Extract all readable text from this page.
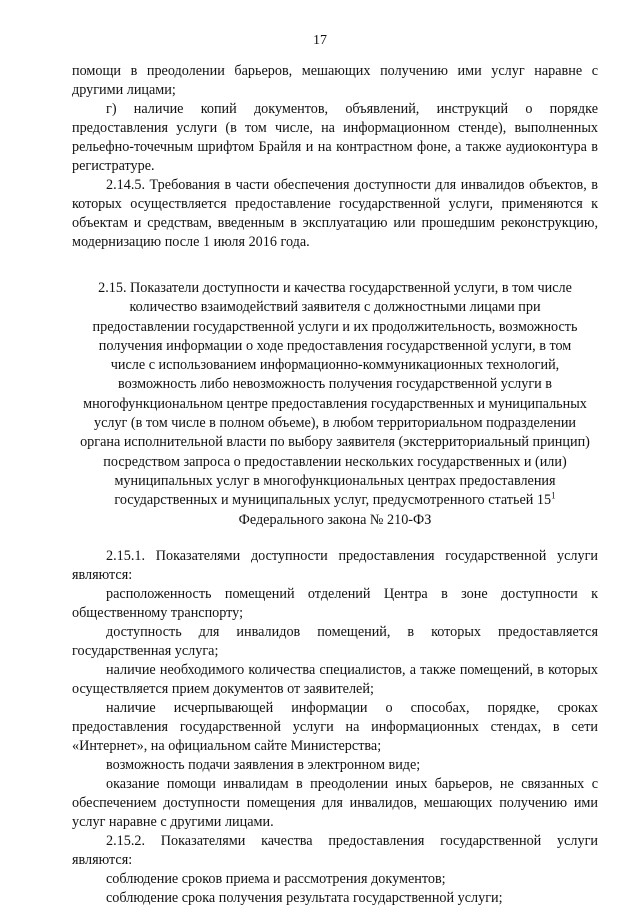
17

помощи в преодолении барьеров, мешающих получению ими услуг наравне с другими лицами;

г) наличие копий документов, объявлений, инструкций о порядке предоставления услуги (в том числе, на информационном стенде), выполненных рельефно-точечным шрифтом Брайля и на контрастном фоне, а также аудиоконтура в регистратуре.

2.14.5. Требования в части обеспечения доступности для инвалидов объектов, в которых осуществляется предоставление государственной услуги, применяются к объектам и средствам, введенным в эксплуатацию или прошедшим реконструкцию, модернизацию после 1 июля 2016 года.

2.15. Показатели доступности и качества государственной услуги, в том числе количество взаимодействий заявителя с должностными лицами при предоставлении государственной услуги и их продолжительность, возможность получения информации о ходе предоставления государственной услуги, в том числе с использованием информационно-коммуникационных технологий, возможность либо невозможность получения государственной услуги в многофункциональном центре предоставления государственных и муниципальных услуг (в том числе в полном объеме), в любом территориальном подразделении органа исполнительной власти по выбору заявителя (экстерриториальный принцип) посредством запроса о предоставлении нескольких государственных и (или) муниципальных услуг в многофункциональных центрах предоставления государственных и муниципальных услуг, предусмотренного статьей $15^1$ Федерального закона № 210-ФЗ

2.15.1. Показателями доступности предоставления государственной услуги являются:

расположенность помещений отделений Центра в зоне доступности к общественному транспорту;

доступность для инвалидов помещений, в которых предоставляется государственная услуга;

наличие необходимого количества специалистов, а также помещений, в которых осуществляется прием документов от заявителей;

наличие исчерпывающей информации о способах, порядке, сроках предоставления государственной услуги на информационных стендах, в сети «Интернет», на официальном сайте Министерства;

возможность подачи заявления в электронном виде;

оказание помощи инвалидам в преодолении иных барьеров, не связанных с обеспечением доступности помещения для инвалидов, мешающих получению ими услуг наравне с другими лицами.

2.15.2. Показателями качества предоставления государственной услуги являются:

соблюдение сроков приема и рассмотрения документов;

соблюдение срока получения результата государственной услуги;
